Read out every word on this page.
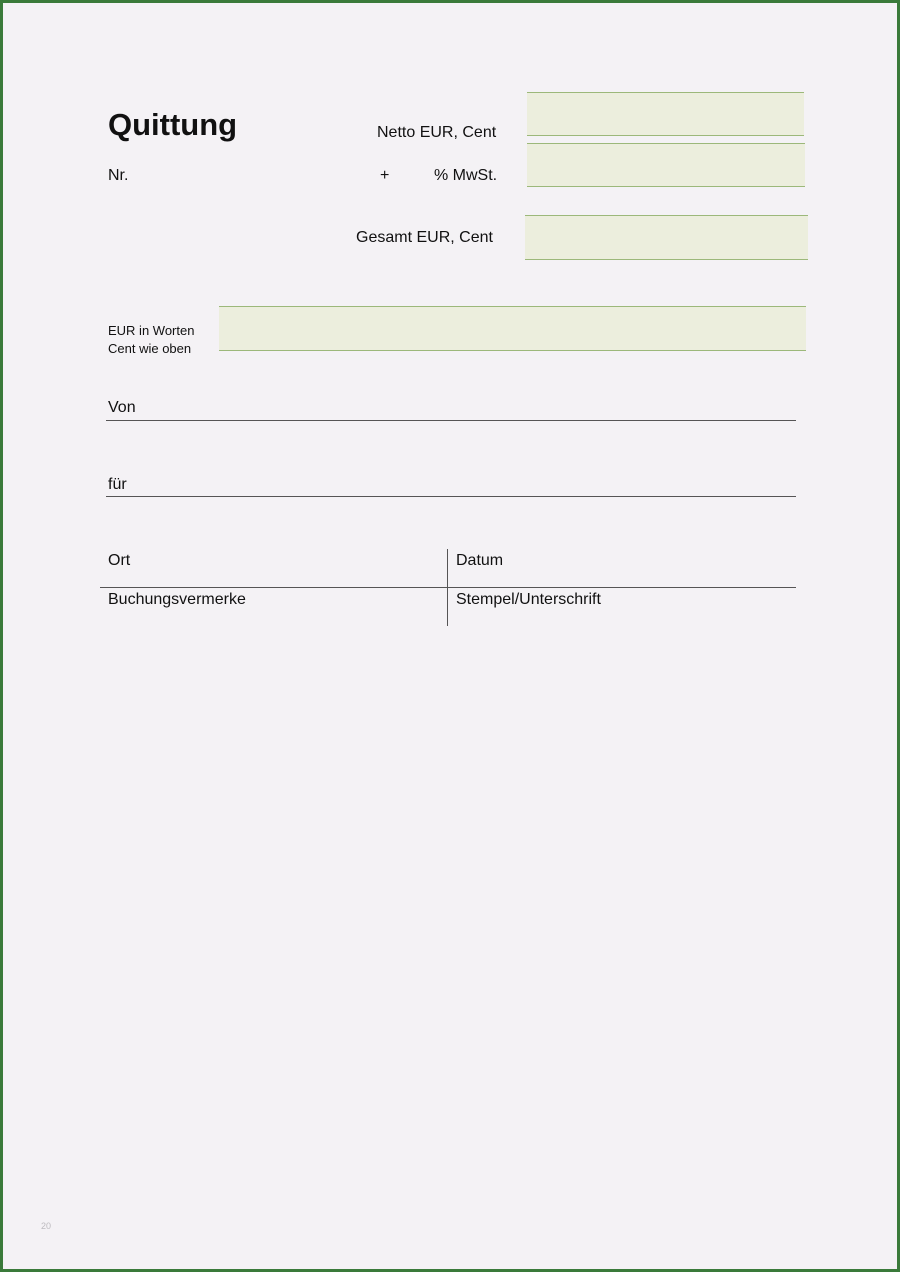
Quittung	Netto EUR, Cent
Nr.	+	% MwSt.
Gesamt EUR, Cent
EUR in Worten
Cent wie oben
Von
für
Ort	Datum
Buchungsvermerke	Stempel/Unterschrift
20
